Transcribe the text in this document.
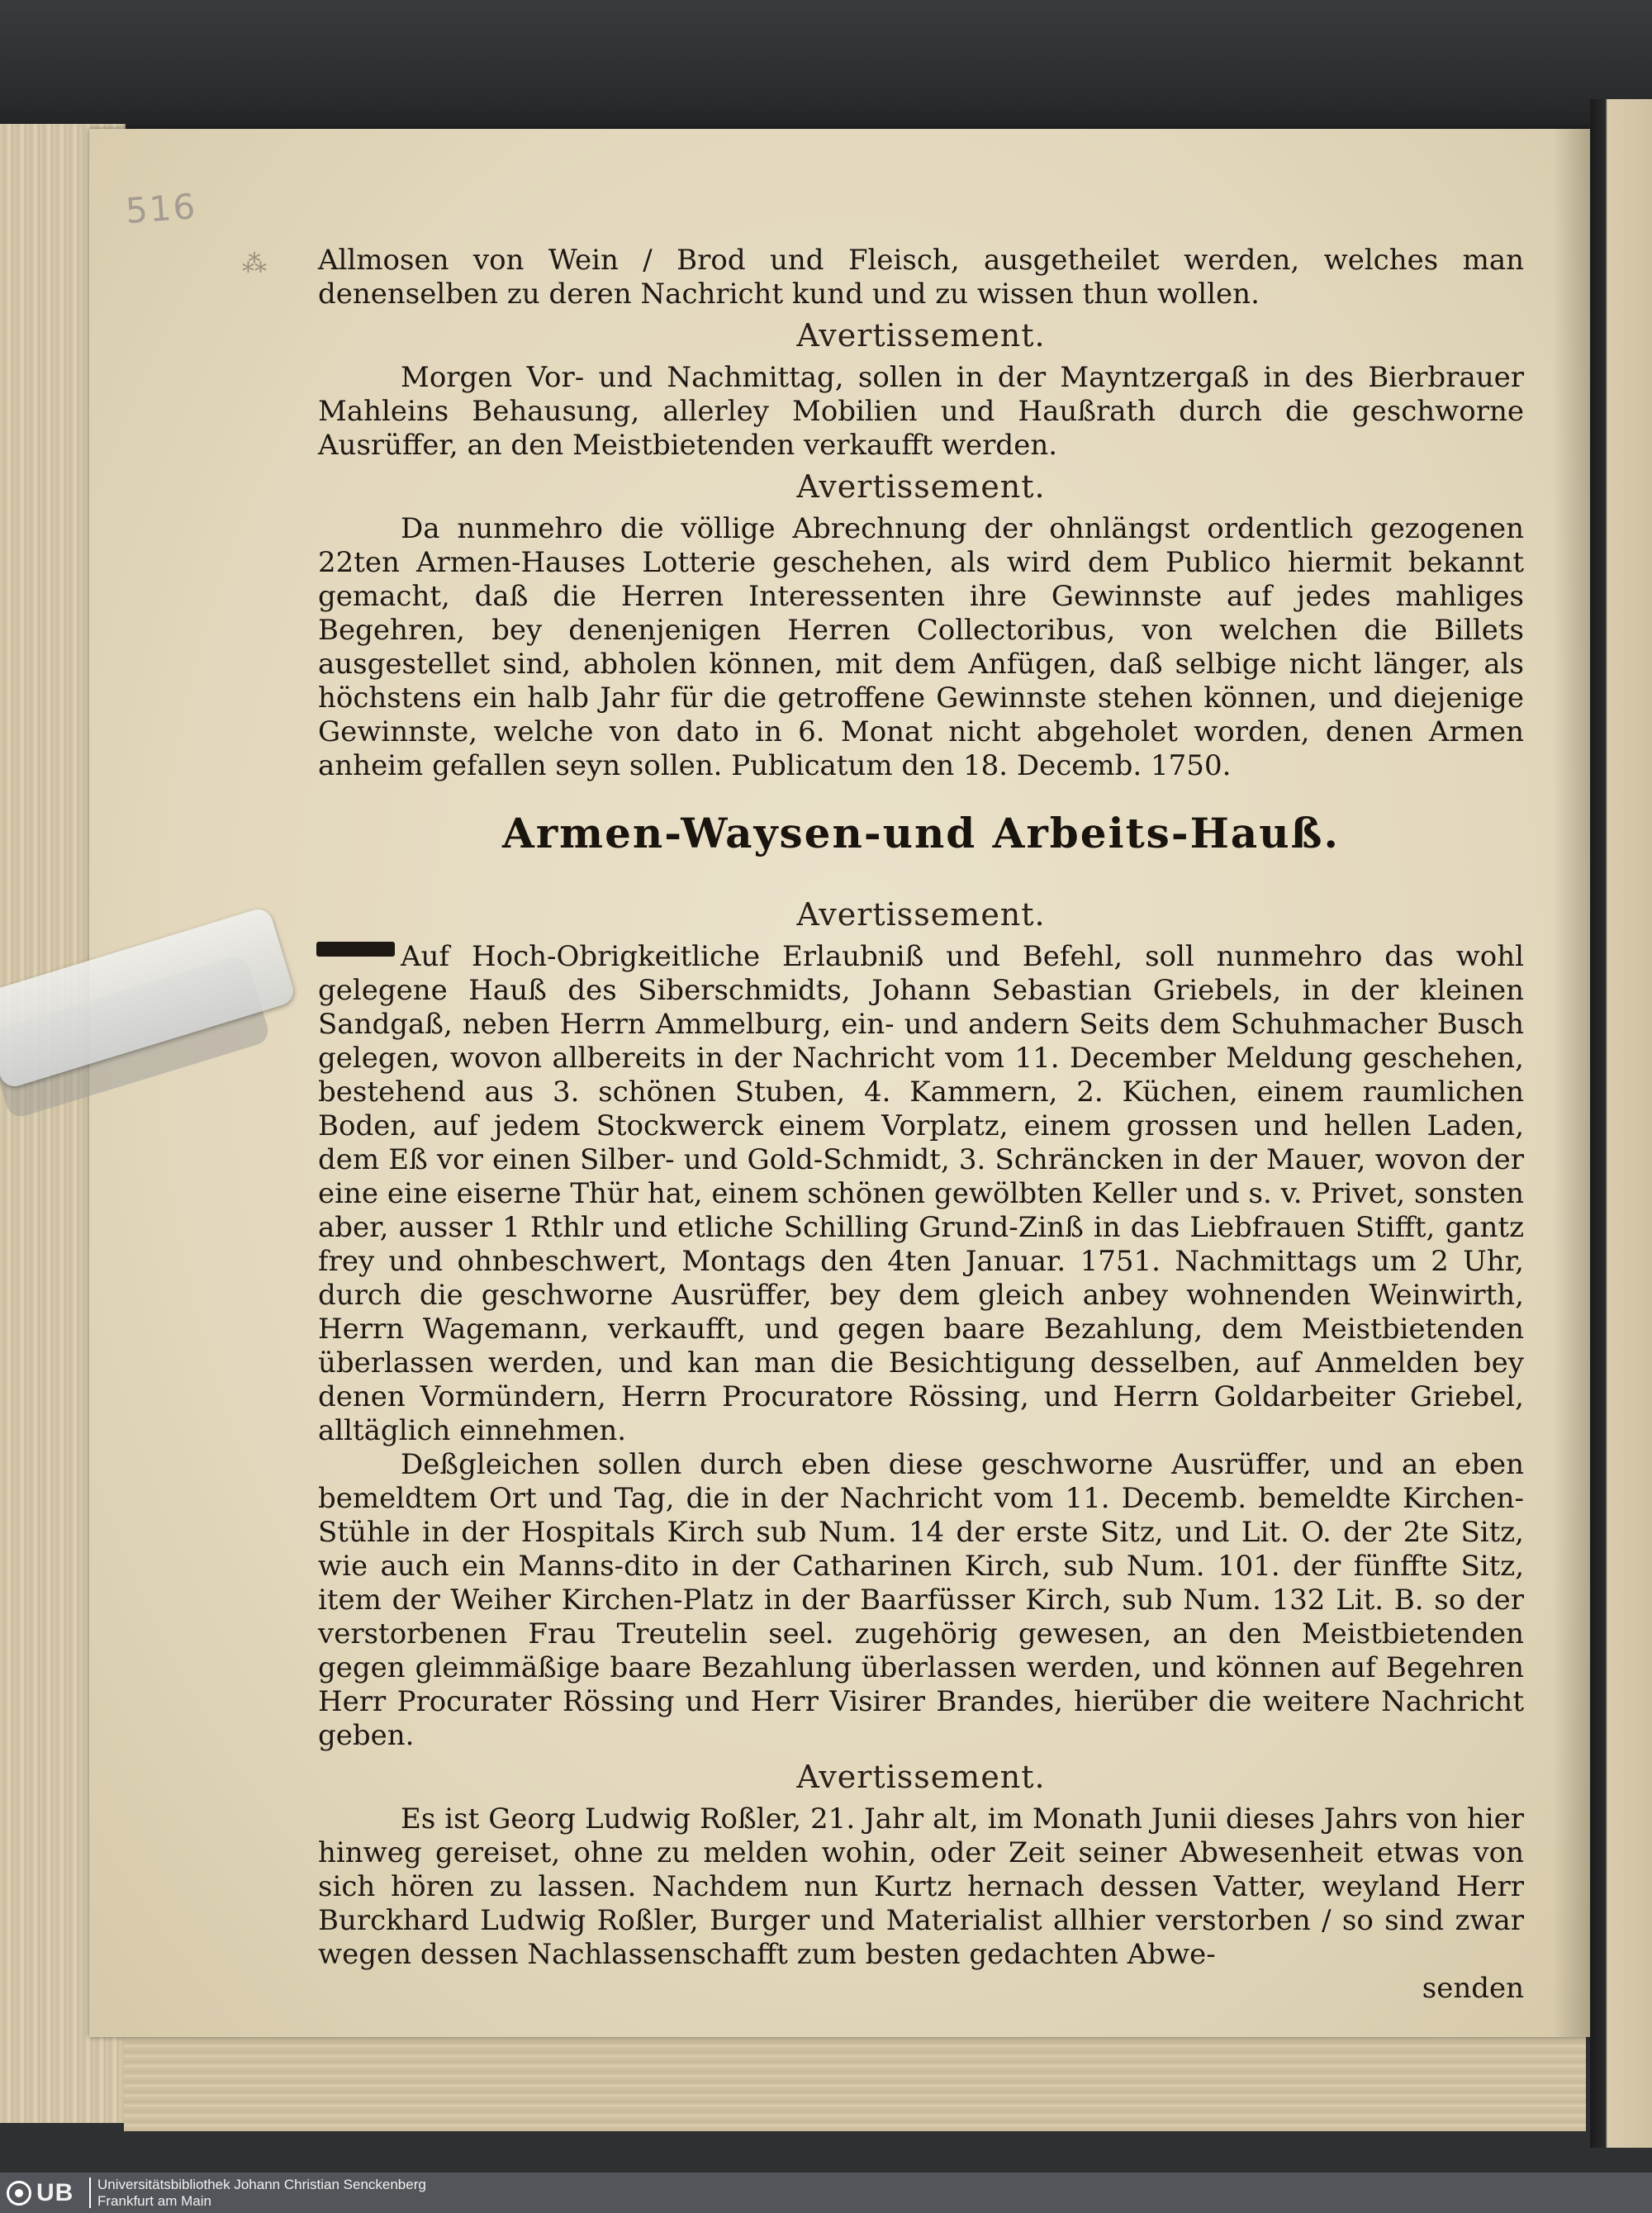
516
⁂ Allmosen von Wein / Brod und Fleisch, ausgetheilet werden, welches man denenselben zu deren Nachricht kund und zu wissen thun wollen.

Avertissement.

Morgen Vor- und Nachmittag, sollen in der Mayntzergaß in des Bierbrauer Mahleins Behausung, allerley Mobilien und Haußrath durch die geschworne Ausrüffer, an den Meistbietenden verkaufft werden.

Avertissement.

Da nunmehro die völlige Abrechnung der ohnlängst ordentlich gezogenen 22ten Armen-Hauses Lotterie geschehen, als wird dem Publico hiermit bekannt gemacht, daß die Herren Interessenten ihre Gewinnste auf jedes mahliges Begehren, bey denenjenigen Herren Collectoribus, von welchen die Billets ausgestellet sind, abholen können, mit dem Anfügen, daß selbige nicht länger, als höchstens ein halb Jahr für die getroffene Gewinnste stehen können, und diejenige Gewinnste, welche von dato in 6. Monat nicht abgeholet worden, denen Armen anheim gefallen seyn sollen. Publicatum den 18. Decemb. 1750.

Armen-Waysen-und Arbeits-Hauß.
Avertissement.

Auf Hoch-Obrigkeitliche Erlaubniß und Befehl, soll nunmehro das wohl gelegene Hauß des Siberschmidts, Johann Sebastian Griebels, in der kleinen Sandgaß, neben Herrn Ammelburg, ein- und andern Seits dem Schuhmacher Busch gelegen, wovon allbereits in der Nachricht vom 11. December Meldung geschehen, bestehend aus 3. schönen Stuben, 4. Kammern, 2. Küchen, einem raumlichen Boden, auf jedem Stockwerck einem Vorplatz, einem grossen und hellen Laden, dem Eß vor einen Silber- und Gold-Schmidt, 3. Schräncken in der Mauer, wovon der eine eine eiserne Thür hat, einem schönen gewölbten Keller und s. v. Privet, sonsten aber, ausser 1 Rthlr und etliche Schilling Grund-Zinß in das Liebfrauen Stifft, gantz frey und ohnbeschwert, Montags den 4ten Januar. 1751. Nachmittags um 2 Uhr, durch die geschworne Ausrüffer, bey dem gleich anbey wohnenden Weinwirth, Herrn Wagemann, verkaufft, und gegen baare Bezahlung, dem Meistbietenden überlassen werden, und kan man die Besichtigung desselben, auf Anmelden bey denen Vormündern, Herrn Procuratore Rössing, und Herrn Goldarbeiter Griebel, alltäglich einnehmen.

Deßgleichen sollen durch eben diese geschworne Ausrüffer, und an eben bemeldtem Ort und Tag, die in der Nachricht vom 11. Decemb. bemeldte Kirchen-Stühle in der Hospitals Kirch sub Num. 14 der erste Sitz, und Lit. O. der 2te Sitz, wie auch ein Manns-dito in der Catharinen Kirch, sub Num. 101. der fünffte Sitz, item der Weiher Kirchen-Platz in der Baarfüsser Kirch, sub Num. 132 Lit. B. so der verstorbenen Frau Treutelin seel. zugehörig gewesen, an den Meistbietenden gegen gleimmäßige baare Bezahlung überlassen werden, und können auf Begehren Herr Procurater Rössing und Herr Visirer Brandes, hierüber die weitere Nachricht geben.

Avertissement.

Es ist Georg Ludwig Roßler, 21. Jahr alt, im Monath Junii dieses Jahrs von hier hinweg gereiset, ohne zu melden wohin, oder Zeit seiner Abwesenheit etwas von sich hören zu lassen. Nachdem nun Kurtz hernach dessen Vatter, weyland Herr Burckhard Ludwig Roßler, Burger und Materialist allhier verstorben / so sind zwar wegen dessen Nachlassenschafft zum besten gedachten Abwe-

senden

UB Universitätsbibliothek Johann Christian Senckenberg
Frankfurt am Main
